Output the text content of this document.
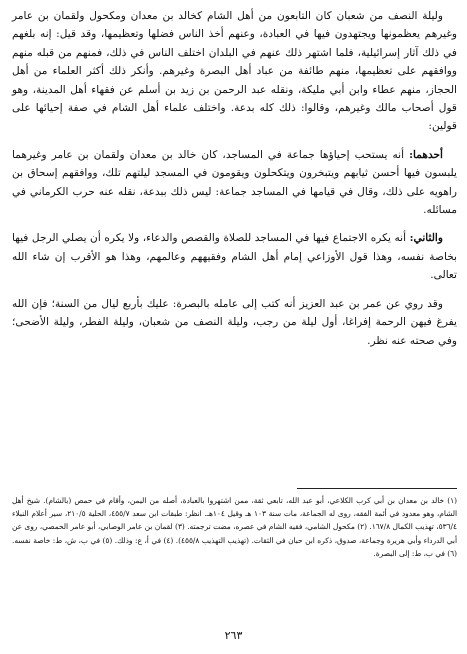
وليلة النصف من شعبان كان التابعون من أهل الشام كخالد بن معدان ومكحول ولقمان بن عامر وغيرهم يعظمونها ويجتهدون فيها في العبادة، وعنهم أخذ الناس فضلها وتعظيمها، وقد قيل: إنه بلغهم في ذلك آثار إسرائيلية، فلما اشتهر ذلك عنهم في البلدان اختلف الناس في ذلك، فمنهم من قبله منهم ووافقهم على تعظيمها، منهم طائفة من عباد أهل البصرة وغيرهم. وأنكر ذلك أكثر العلماء من أهل الحجاز، منهم عطاء وابن أبي مليكة، ونقله عبد الرحمن بن زيد بن أسلم عن فقهاء أهل المدينة، وهو قول أصحاب مالك وغيرهم، وقالوا: ذلك كله بدعة. واختلف علماء أهل الشام في صفة إحيائها على قولين:

أحدهما: أنه يستحب إحياؤها جماعة في المساجد، كان خالد بن معدان ولقمان بن عامر وغيرهما يلبسون فيها أحسن ثيابهم ويتبخرون ويتكحلون ويقومون في المسجد ليلتهم تلك، ووافقهم إسحاق بن راهويه على ذلك، وقال في قيامها في المساجد جماعة: ليس ذلك ببدعة، نقله عنه حرب الكرماني في مسائله.

والثاني: أنه يكره الاجتماع فيها في المساجد للصلاة والقصص والدعاء، ولا يكره أن يصلي الرجل فيها بخاصة نفسه، وهذا قول الأوزاعي إمام أهل الشام وفقيههم وعالمهم، وهذا هو الأقرب إن شاء الله تعالى.

وقد روي عن عمر بن عبد العزيز أنه كتب إلى عامله بالبصرة: عليك بأربع ليال من السنة؛ فإن الله يفرغ فيهن الرحمة إفراغا، أول ليلة من رجب، وليلة النصف من شعبان، وليلة الفطر، وليلة الأضحى؛ وفي صحته عنه نظر.

(١) خالد بن معدان بن أبي كرب الكلاعي، أبو عبد الله، تابعي ثقة، ممن اشتهروا بالعبادة، أصله من اليمن، وأقام في حمص (بالشام). شيخ أهل الشام، وهو معدود في أئمة الفقه، روى له الجماعة، مات سنة ١٠٣ هـ وقيل ١٠٤هـ. انظر: طبقات ابن سعد ٤٥٥/٧، الحلية ٢١٠/٥، سير أعلام النبلاء ٥٣٦/٤، تهذيب الكمال ١٦٧/٨. (٢) مكحول الشامي، فقيه الشام في عصره، مضت ترجمته. (٣) لقمان بن عامر الوصابي، أبو عامر الحمصي، روى عن أبي الدرداء وأبي هريرة وجماعة، صدوق، ذكره ابن حبان في الثقات. (تهذيب التهذيب ٤٥٥/٨). (٤) في أ، ع: وذلك. (٥) في ب، ش، ط: خاصة نفسه. (٦) في ب، ط: إلى البصرة.

٢٦٣
